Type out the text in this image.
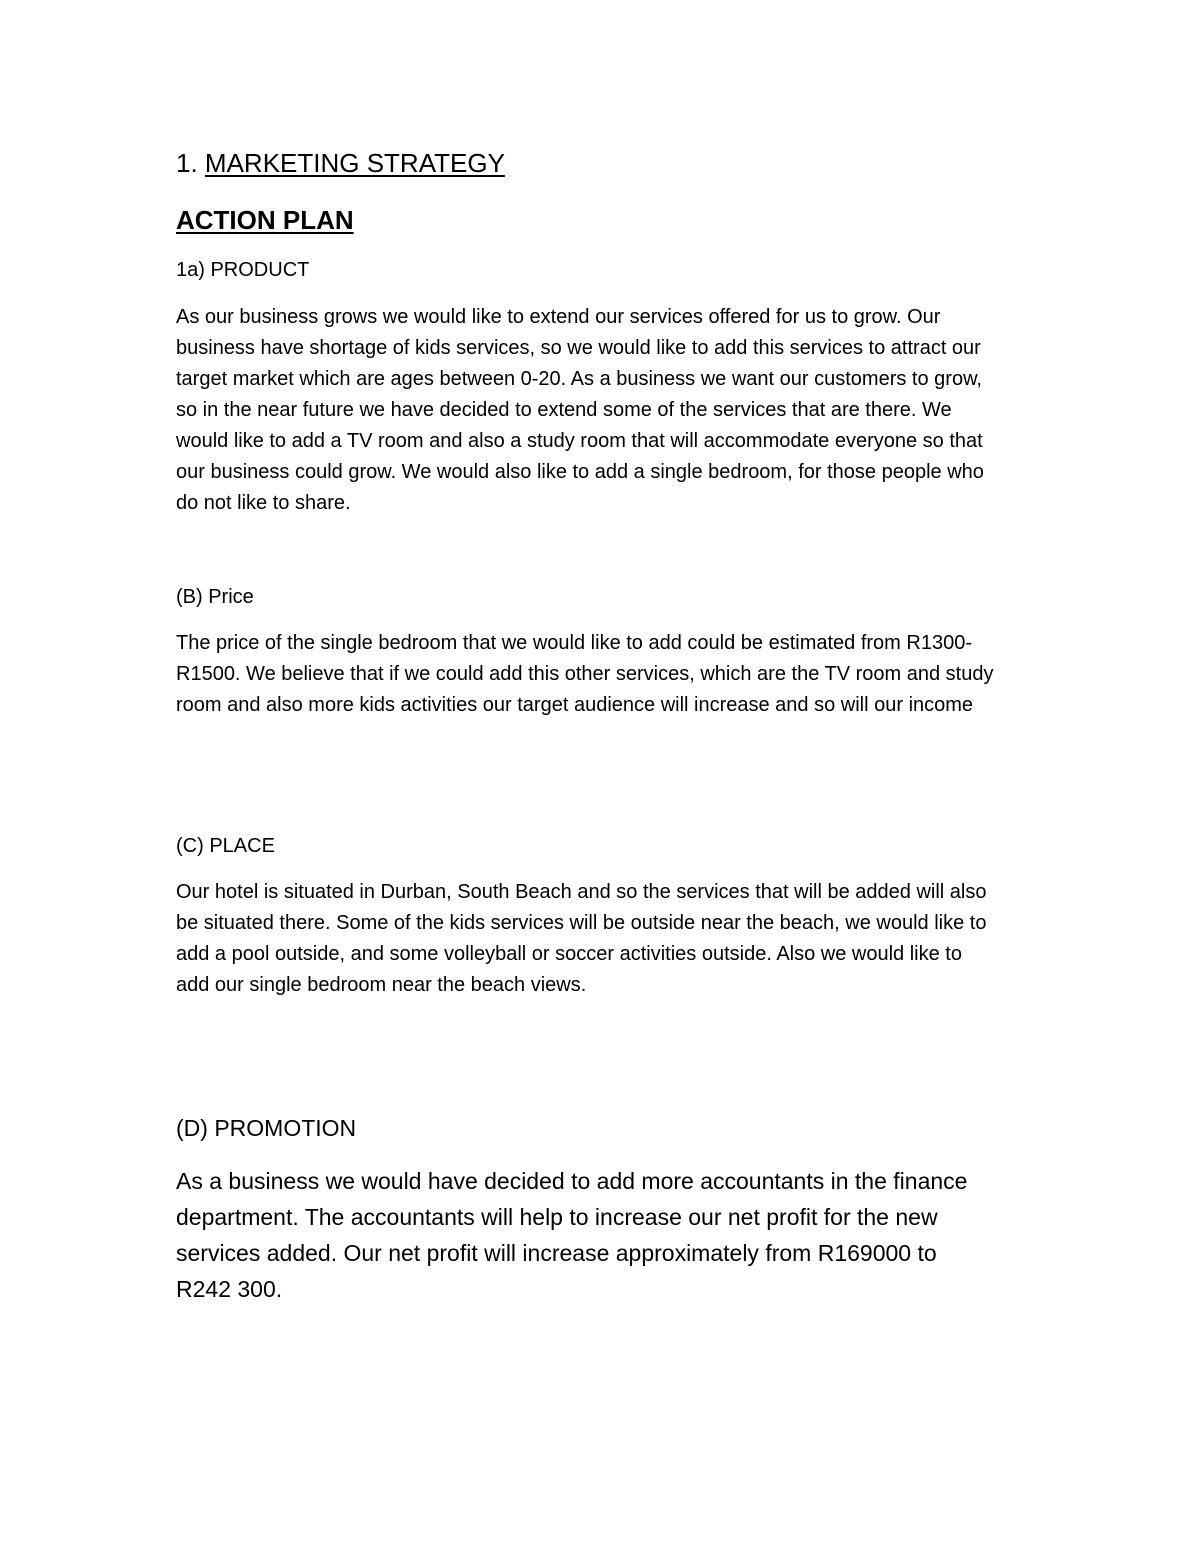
1. MARKETING STRATEGY
ACTION PLAN
1a) PRODUCT
As our business grows we would like to extend our services offered for us to grow. Our
business have shortage of kids services, so we would like to add this services to attract our
target market which are ages between 0-20. As a business we want our customers to grow,
so in the near future we have decided to extend some of the services that are there. We
would like to add a TV room and also a study room that will accommodate everyone so that
our business could grow. We would also like to add a single bedroom, for those people who
do not like to share.
(B) Price
The price of the single bedroom that we would like to add could be estimated from R1300-
R1500. We believe that if we could add this other services, which are the TV room and study
room and also more kids activities our target audience will increase and so will our income
(C) PLACE
Our hotel is situated in Durban, South Beach and so the services that will be added will also
be situated there. Some of the kids services will be outside near the beach, we would like to
add a pool outside, and some volleyball or soccer activities outside. Also we would like to
add our single bedroom near the beach views.
(D) PROMOTION
As a business we would have decided to add more accountants in the finance
department. The accountants will help to increase our net profit for the new
services added. Our net profit will increase approximately from R169000 to
R242 300.
